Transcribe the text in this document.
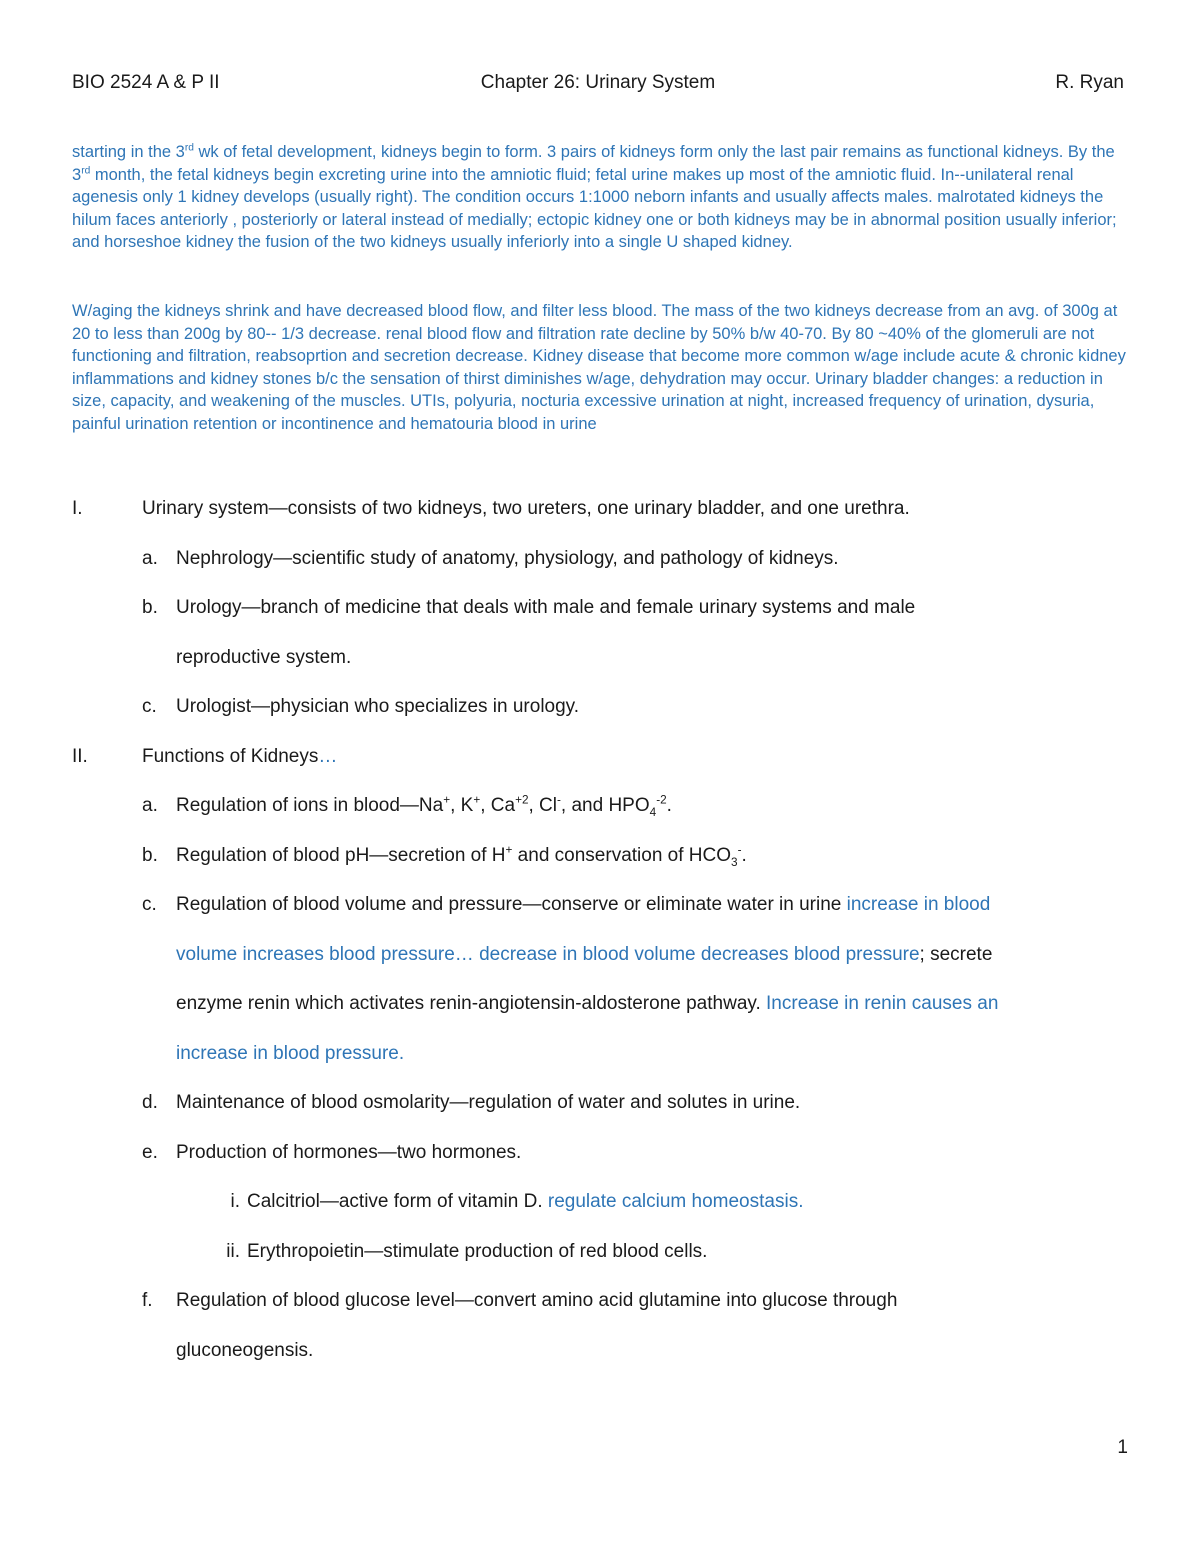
BIO 2524 A & P II	Chapter 26: Urinary System	R. Ryan

starting in the 3rd wk of fetal development, kidneys begin to form. 3 pairs of kidneys form only the last pair remains as functional kidneys. By the 3rd month, the fetal kidneys begin excreting urine into the amniotic fluid; fetal urine makes up most of the amniotic fluid. In--unilateral renal agenesis only 1 kidney develops (usually right). The condition occurs 1:1000 neborn infants and usually affects males. malrotated kidneys the hilum faces anteriorly , posteriorly or lateral instead of medially; ectopic kidney one or both kidneys may be in abnormal position usually inferior; and horseshoe kidney the fusion of the two kidneys usually inferiorly into a single U shaped kidney.

W/aging the kidneys shrink and have decreased blood flow, and filter less blood. The mass of the two kidneys decrease from an avg. of 300g at 20 to less than 200g by 80-- 1/3 decrease. renal blood flow and filtration rate decline by 50% b/w 40-70. By 80 ~40% of the glomeruli are not functioning and filtration, reabsoprtion and secretion decrease. Kidney disease that become more common w/age include acute & chronic kidney inflammations and kidney stones b/c the sensation of thirst diminishes w/age, dehydration may occur. Urinary bladder changes: a reduction in size, capacity, and weakening of the muscles. UTIs, polyuria, nocturia excessive urination at night, increased frequency of urination, dysuria, painful urination retention or incontinence and hematouria blood in urine

I.	Urinary system—consists of two kidneys, two ureters, one urinary bladder, and one urethra.
a. Nephrology—scientific study of anatomy, physiology, and pathology of kidneys.
b. Urology—branch of medicine that deals with male and female urinary systems and male
reproductive system.
c. Urologist—physician who specializes in urology.
II.	Functions of Kidneys…
a. Regulation of ions in blood—Na+, K+, $Ca^{+2}$, Cl-, and $HPO_4^{-2}$.
b. Regulation of blood pH—secretion of H+ and conservation of $HCO_3^-$.
c. Regulation of blood volume and pressure—conserve or eliminate water in urine increase in blood
volume increases blood pressure… decrease in blood volume decreases blood pressure; secrete
enzyme renin which activates renin-angiotensin-aldosterone pathway. Increase in renin causes an
increase in blood pressure.
d. Maintenance of blood osmolarity—regulation of water and solutes in urine.
e. Production of hormones—two hormones.
i. Calcitriol—active form of vitamin D. regulate calcium homeostasis.
ii. Erythropoietin—stimulate production of red blood cells.
f. Regulation of blood glucose level—convert amino acid glutamine into glucose through
gluconeogensis.
1
